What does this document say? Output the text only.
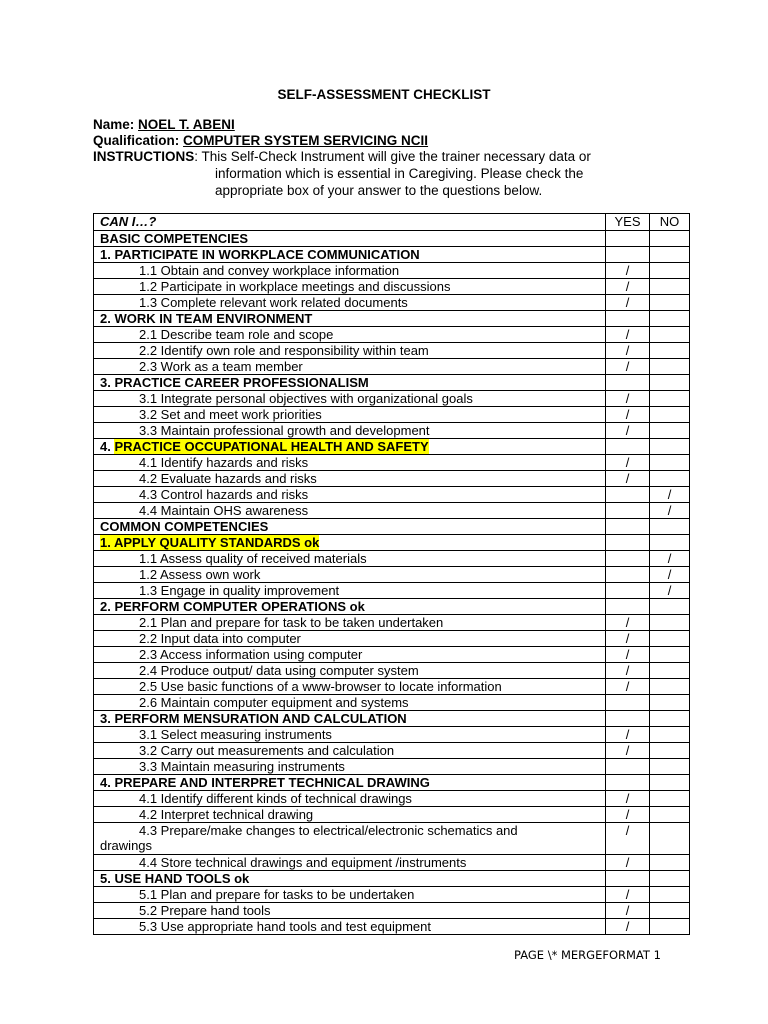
SELF-ASSESSMENT CHECKLIST
Name: NOEL T. ABENI
Qualification: COMPUTER SYSTEM SERVICING NCII
INSTRUCTIONS: This Self-Check Instrument will give the trainer necessary data or
information which is essential in Caregiving. Please check the
appropriate box of your answer to the questions below.
CAN I…?	YES	NO
BASIC COMPETENCIES		
1. PARTICIPATE IN WORKPLACE COMMUNICATION		
1.1 Obtain and convey workplace information	/	
1.2 Participate in workplace meetings and discussions	/	
1.3 Complete relevant work related documents	/	
2. WORK IN TEAM ENVIRONMENT		
2.1 Describe team role and scope	/	
2.2 Identify own role and responsibility within team	/	
2.3 Work as a team member	/	
3. PRACTICE CAREER PROFESSIONALISM		
3.1 Integrate personal objectives with organizational goals	/	
3.2 Set and meet work priorities	/	
3.3 Maintain professional growth and development	/	
4. PRACTICE OCCUPATIONAL HEALTH AND SAFETY		
4.1 Identify hazards and risks	/	
4.2 Evaluate hazards and risks	/	
4.3 Control hazards and risks		/
4.4 Maintain OHS awareness		/
COMMON COMPETENCIES		
1. APPLY QUALITY STANDARDS ok		
1.1 Assess quality of received materials		/
1.2 Assess own work		/
1.3 Engage in quality improvement		/
2. PERFORM COMPUTER OPERATIONS ok		
2.1 Plan and prepare for task to be taken undertaken	/	
2.2 Input data into computer	/	
2.3 Access information using computer	/	
2.4 Produce output/ data using computer system	/	
2.5 Use basic functions of a www-browser to locate information	/	
2.6 Maintain computer equipment and systems		
3. PERFORM MENSURATION AND CALCULATION		
3.1 Select measuring instruments	/	
3.2 Carry out measurements and calculation	/	
3.3 Maintain measuring instruments		
4. PREPARE AND INTERPRET TECHNICAL DRAWING		
4.1 Identify different kinds of technical drawings	/	
4.2 Interpret technical drawing	/	
4.3 Prepare/make changes to electrical/electronic schematics and
drawings	/	
4.4 Store technical drawings and equipment /instruments	/	
5. USE HAND TOOLS ok		
5.1 Plan and prepare for tasks to be undertaken	/	
5.2 Prepare hand tools	/	
5.3 Use appropriate hand tools and test equipment	/	
PAGE \* MERGEFORMAT 1
